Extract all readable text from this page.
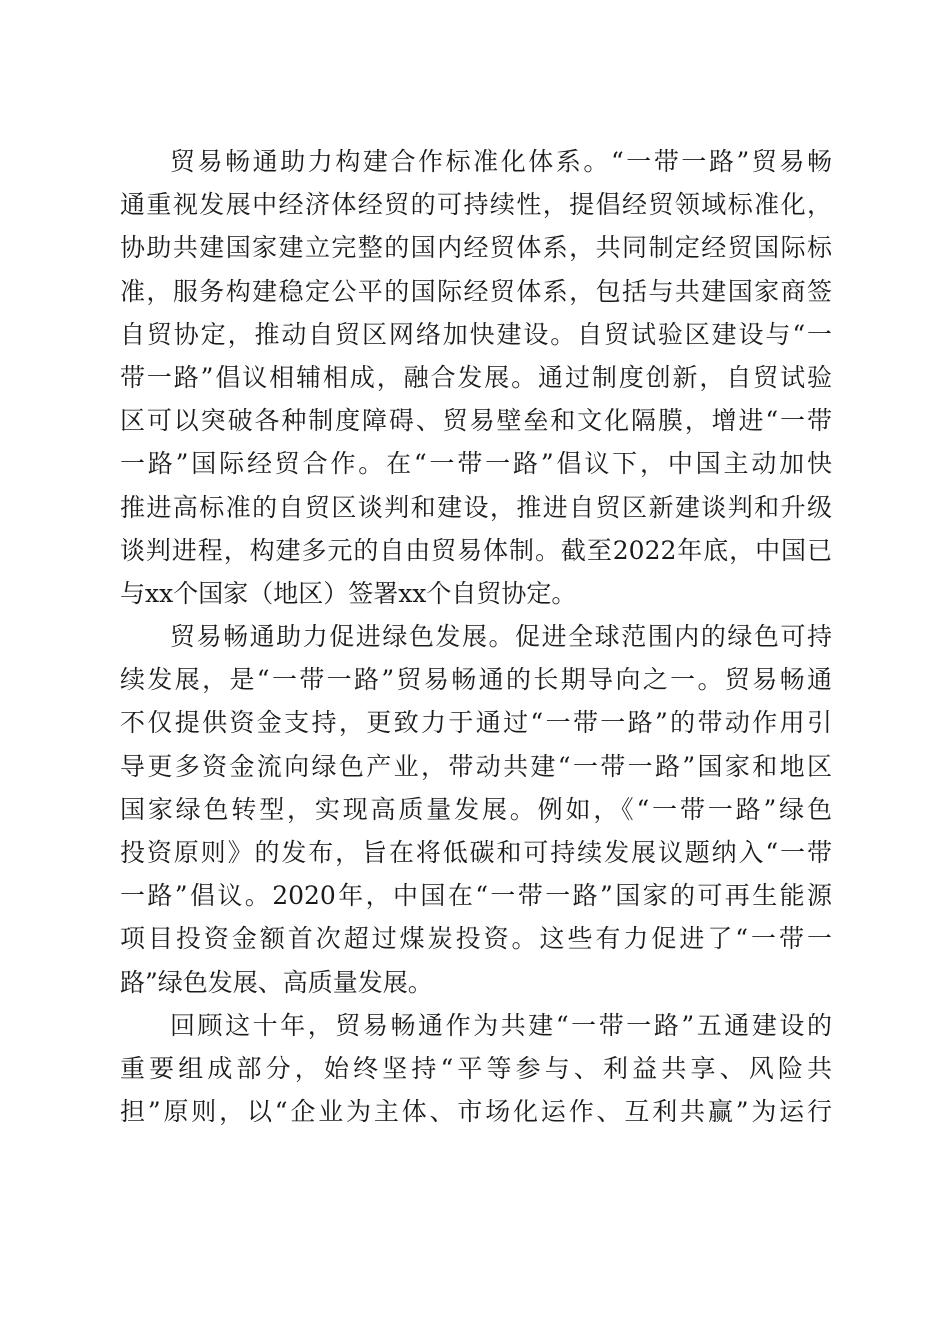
贸易畅通助力构建合作标准化体系。“一带一路”贸易畅
通重视发展中经济体经贸的可持续性，提倡经贸领域标准化，
协助共建国家建立完整的国内经贸体系，共同制定经贸国际标
准，服务构建稳定公平的国际经贸体系，包括与共建国家商签
自贸协定，推动自贸区网络加快建设。自贸试验区建设与“一
带一路”倡议相辅相成，融合发展。通过制度创新，自贸试验
区可以突破各种制度障碍、贸易壁垒和文化隔膜，增进“一带
一路”国际经贸合作。在“一带一路”倡议下，中国主动加快
推进高标准的自贸区谈判和建设，推进自贸区新建谈判和升级
谈判进程，构建多元的自由贸易体制。截至2022年底，中国已
与xx个国家（地区）签署xx个自贸协定。
贸易畅通助力促进绿色发展。促进全球范围内的绿色可持
续发展，是“一带一路”贸易畅通的长期导向之一。贸易畅通
不仅提供资金支持，更致力于通过“一带一路”的带动作用引
导更多资金流向绿色产业，带动共建“一带一路”国家和地区
国家绿色转型，实现高质量发展。例如，《“一带一路”绿色
投资原则》的发布，旨在将低碳和可持续发展议题纳入“一带
一路”倡议。2020年，中国在“一带一路”国家的可再生能源
项目投资金额首次超过煤炭投资。这些有力促进了“一带一
路”绿色发展、高质量发展。
回顾这十年，贸易畅通作为共建“一带一路”五通建设的
重要组成部分，始终坚持“平等参与、利益共享、风险共
担”原则，以“企业为主体、市场化运作、互利共赢”为运行
